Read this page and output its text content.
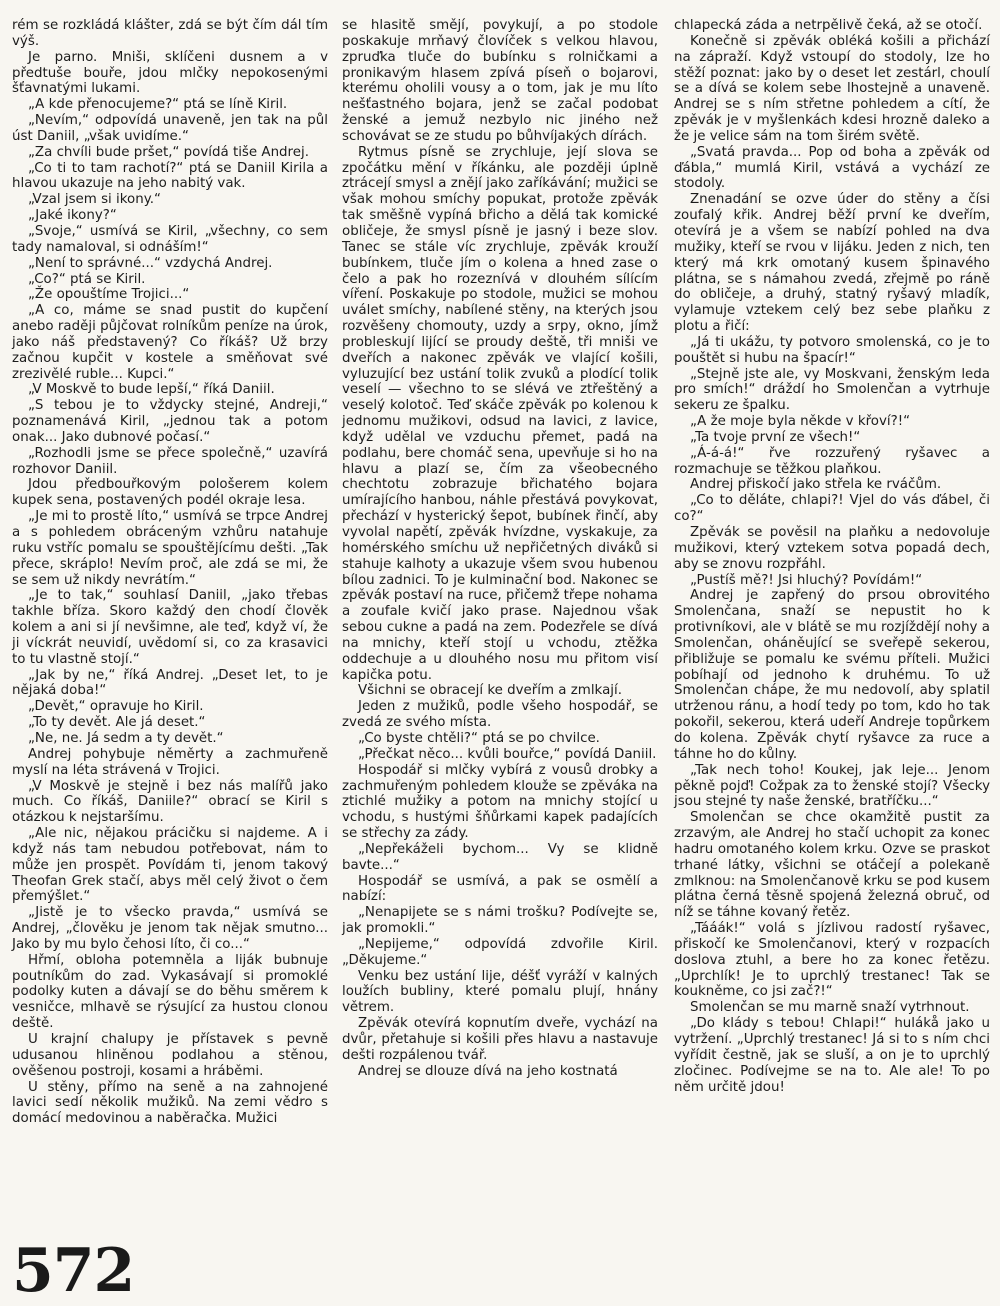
rém se rozkládá klášter, zdá se být čím dál tím výš.

Je parno. Mniši, sklíčeni dusnem a v předtuše bouře, jdou mlčky nepokosenými šťavnatými lukami.

„A kde přenocujeme?“ ptá se líně Kiril.

„Nevím,“ odpovídá unaveně, jen tak na půl úst Daniil, „však uvidíme.“

„Za chvíli bude pršet,“ povídá tiše Andrej.

„Co ti to tam rachotí?“ ptá se Daniil Kirila a hlavou ukazuje na jeho nabitý vak.

„Vzal jsem si ikony.“

„Jaké ikony?“

„Svoje,“ usmívá se Kiril, „všechny, co sem tady namaloval, si odnáším!“

„Není to správné...“ vzdychá Andrej.

„Co?“ ptá se Kiril.

„Že opouštíme Trojici...“

„A co, máme se snad pustit do kupčení anebo raději půjčovat rolníkům peníze na úrok, jako náš představený? Co říkáš? Už brzy začnou kupčit v kostele a směňovat své zrezivělé ruble... Kupci.“

„V Moskvě to bude lepší,“ říká Daniil.

„S tebou je to vždycky stejné, Andreji,“ poznamenává Kiril, „jednou tak a potom onak... Jako dubnové počasí.“

„Rozhodli jsme se přece společně,“ uzavírá rozhovor Daniil.

Jdou předbouřkovým pološerem kolem kupek sena, postavených podél okraje lesa.

„Je mi to prostě líto,“ usmívá se trpce Andrej a s pohledem obráceným vzhůru natahuje ruku vstříc pomalu se spouštějícímu dešti. „Tak přece, skráplo! Nevím proč, ale zdá se mi, že se sem už nikdy nevrátím.“

„Je to tak,“ souhlasí Daniil, „jako třebas takhle bříza. Skoro každý den chodí člověk kolem a ani si jí nevšimne, ale teď, když ví, že ji víckrát neuvidí, uvědomí si, co za krasavici to tu vlastně stojí.“

„Jak by ne,“ říká Andrej. „Deset let, to je nějaká doba!“

„Devět,“ opravuje ho Kiril.

„To ty devět. Ale já deset.“

„Ne, ne. Já sedm a ty devět.“

Andrej pohybuje něměrty a zachmuřeně myslí na léta strávená v Trojici.

„V Moskvě je stejně i bez nás malířů jako much. Co říkáš, Daniile?“ obrací se Kiril s otázkou k nejstaršímu.

„Ale nic, nějakou prácičku si najdeme. A i když nás tam nebudou potřebovat, nám to může jen prospět. Povídám ti, jenom takový Theofan Grek stačí, abys měl celý život o čem přemýšlet.“

„Jistě je to všecko pravda,“ usmívá se Andrej, „člověku je jenom tak nějak smutno... Jako by mu bylo čehosi líto, či co...“

Hřmí, obloha potemněla a liják bubnuje poutníkům do zad. Vykasávají si promoklé podolky kuten a dávají se do běhu směrem k vesničce, mlhavě se rýsující za hustou clonou deště.

U krajní chalupy je přístavek s pevně udusanou hliněnou podlahou a stěnou, ověšenou postroji, kosami a hráběmi.

U stěny, přímo na seně a na zahnojené lavici sedí několik mužiků. Na zemi vědro s domácí medovinou a naběračka. Mužici

se hlasitě smějí, povykují, a po stodole poskakuje mrňavý človíček s velkou hlavou, zpruďka tluče do bubínku s rolničkami a pronikavým hlasem zpívá píseň o bojarovi, kterému oholili vousy a o tom, jak je mu líto nešťastného bojara, jenž se začal podobat ženské a jemuž nezbylo nic jiného než schovávat se ze studu po bůhvíjakých dírách.

Rytmus písně se zrychluje, její slova se zpočátku mění v říkánku, ale později úplně ztrácejí smysl a znějí jako zaříkávání; mužici se však mohou smíchy popukat, protože zpěvák tak směšně vypíná břicho a dělá tak komické obličeje, že smysl písně je jasný i beze slov. Tanec se stále víc zrychluje, zpěvák krouží bubínkem, tluče jím o kolena a hned zase o čelo a pak ho rozeznívá v dlouhém sílícím víření. Poskakuje po stodole, mužici se mohou uválet smíchy, nabílené stěny, na kterých jsou rozvěšeny chomouty, uzdy a srpy, okno, jímž probleskují lijící se proudy deště, tři mniši ve dveřích a nakonec zpěvák ve vlající košili, vyluzující bez ustání tolik zvuků a plodící tolik veselí — všechno to se slévá ve ztřeštěný a veselý kolotoč. Teď skáče zpěvák po kolenou k jednomu mužikovi, odsud na lavici, z lavice, když udělal ve vzduchu přemet, padá na podlahu, bere chomáč sena, upevňuje si ho na hlavu a plazí se, čím za všeobecného chechtotu zobrazuje břichatého bojara umírajícího hanbou, náhle přestává povykovat, přechází v hysterický šepot, bubínek řinčí, aby vyvolal napětí, zpěvák hvízdne, vyskakuje, za homérského smíchu už nepřičetných diváků si stahuje kalhoty a ukazuje všem svou hubenou bílou zadnici. To je kulminační bod. Nakonec se zpěvák postaví na ruce, přičemž třepe nohama a zoufale kvičí jako prase. Najednou však sebou cukne a padá na zem. Podezřele se dívá na mnichy, kteří stojí u vchodu, ztěžka oddechuje a u dlouhého nosu mu přitom visí kapička potu.

Všichni se obracejí ke dveřím a zmlkají.

Jeden z mužiků, podle všeho hospodář, se zvedá ze svého místa.

„Co byste chtěli?“ ptá se po chvilce.

„Přečkat něco... kvůli bouřce,“ povídá Daniil.

Hospodář si mlčky vybírá z vousů drobky a zachmuřeným pohledem klouže se zpěváka na ztichlé mužiky a potom na mnichy stojící u vchodu, s hustými šňůrkami kapek padajících se střechy za zády.

„Nepřekáželi bychom... Vy se klidně bavte...“

Hospodář se usmívá, a pak se osmělí a nabízí:

„Nenapijete se s námi trošku? Podívejte se, jak promokli.“

„Nepijeme,“ odpovídá zdvořile Kiril. „Děkujeme.“

Venku bez ustání lije, déšť vyráží v kalných loužích bubliny, které pomalu plují, hnány větrem.

Zpěvák otevírá kopnutím dveře, vychází na dvůr, přetahuje si košili přes hlavu a nastavuje dešti rozpálenou tvář.

Andrej se dlouze dívá na jeho kostnatá

chlapecká záda a netrpělivě čeká, až se otočí.

Konečně si zpěvák obléká košili a přichází na zápraží. Když vstoupí do stodoly, lze ho stěží poznat: jako by o deset let zestárl, choulí se a dívá se kolem sebe lhostejně a unaveně. Andrej se s ním střetne pohledem a cítí, že zpěvák je v myšlenkách kdesi hrozně daleko a že je velice sám na tom širém světě.

„Svatá pravda... Pop od boha a zpěvák od ďábla,“ mumlá Kiril, vstává a vychází ze stodoly.

Znenadání se ozve úder do stěny a čísi zoufalý křik. Andrej běží první ke dveřím, otevírá je a všem se nabízí pohled na dva mužiky, kteří se rvou v lijáku. Jeden z nich, ten který má krk omotaný kusem špinavého plátna, se s námahou zvedá, zřejmě po ráně do obličeje, a druhý, statný ryšavý mladík, vylamuje vztekem celý bez sebe plaňku z plotu a řičí:

„Já ti ukážu, ty potvoro smolenská, co je to pouštět si hubu na špacír!“

„Stejně jste ale, vy Moskvani, ženským leda pro smích!“ dráždí ho Smolenčan a vytrhuje sekeru ze špalku.

„A že moje byla někde v křoví?!“

„Ta tvoje první ze všech!“

„Á-á-á!“ řve rozzuřený ryšavec a rozmachuje se těžkou plaňkou.

Andrej přiskočí jako střela ke rváčům.

„Co to děláte, chlapi?! Vjel do vás ďábel, či co?“

Zpěvák se pověsil na plaňku a nedovoluje mužikovi, který vztekem sotva popadá dech, aby se znovu rozpřáhl.

„Pustíš mě?! Jsi hluchý? Povídám!“

Andrej je zapřený do prsou obrovitého Smolenčana, snaží se nepustit ho k protivníkovi, ale v blátě se mu rozjíždějí nohy a Smolenčan, oháněující se sveřepě sekerou, přibližuje se pomalu ke svému příteli. Mužici pobíhají od jednoho k druhému. To už Smolenčan chápe, že mu nedovolí, aby splatil utrženou ránu, a hodí tedy po tom, kdo ho tak pokořil, sekerou, která udeří Andreje topůrkem do kolena. Zpěvák chytí ryšavce za ruce a táhne ho do kůlny.

„Tak nech toho! Koukej, jak leje... Jenom pěkně pojď! Cožpak za to ženské stojí? Všecky jsou stejné ty naše ženské, bratříčku...“

Smolenčan se chce okamžitě pustit za zrzavým, ale Andrej ho stačí uchopit za konec hadru omotaného kolem krku. Ozve se praskot trhané látky, všichni se otáčejí a polekaně zmlknou: na Smolenčanově krku se pod kusem plátna černá těsně spojená železná obruč, od níž se táhne kovaný řetěz.

„Tááák!“ volá s jízlivou radostí ryšavec, přiskočí ke Smolenčanovi, který v rozpacích doslova ztuhl, a bere ho za konec řetězu. „Uprchlík! Je to uprchlý trestanec! Tak se koukněme, co jsi zač?!“

Smolenčan se mu marně snaží vytrhnout.

„Do klády s tebou! Chlapi!“ hulákå jako u vytržení. „Uprchlý trestanec! Já si to s ním chci vyřídit čestně, jak se sluší, a on je to uprchlý zločinec. Podívejme se na to. Ale ale! To po něm určitě jdou!

572
